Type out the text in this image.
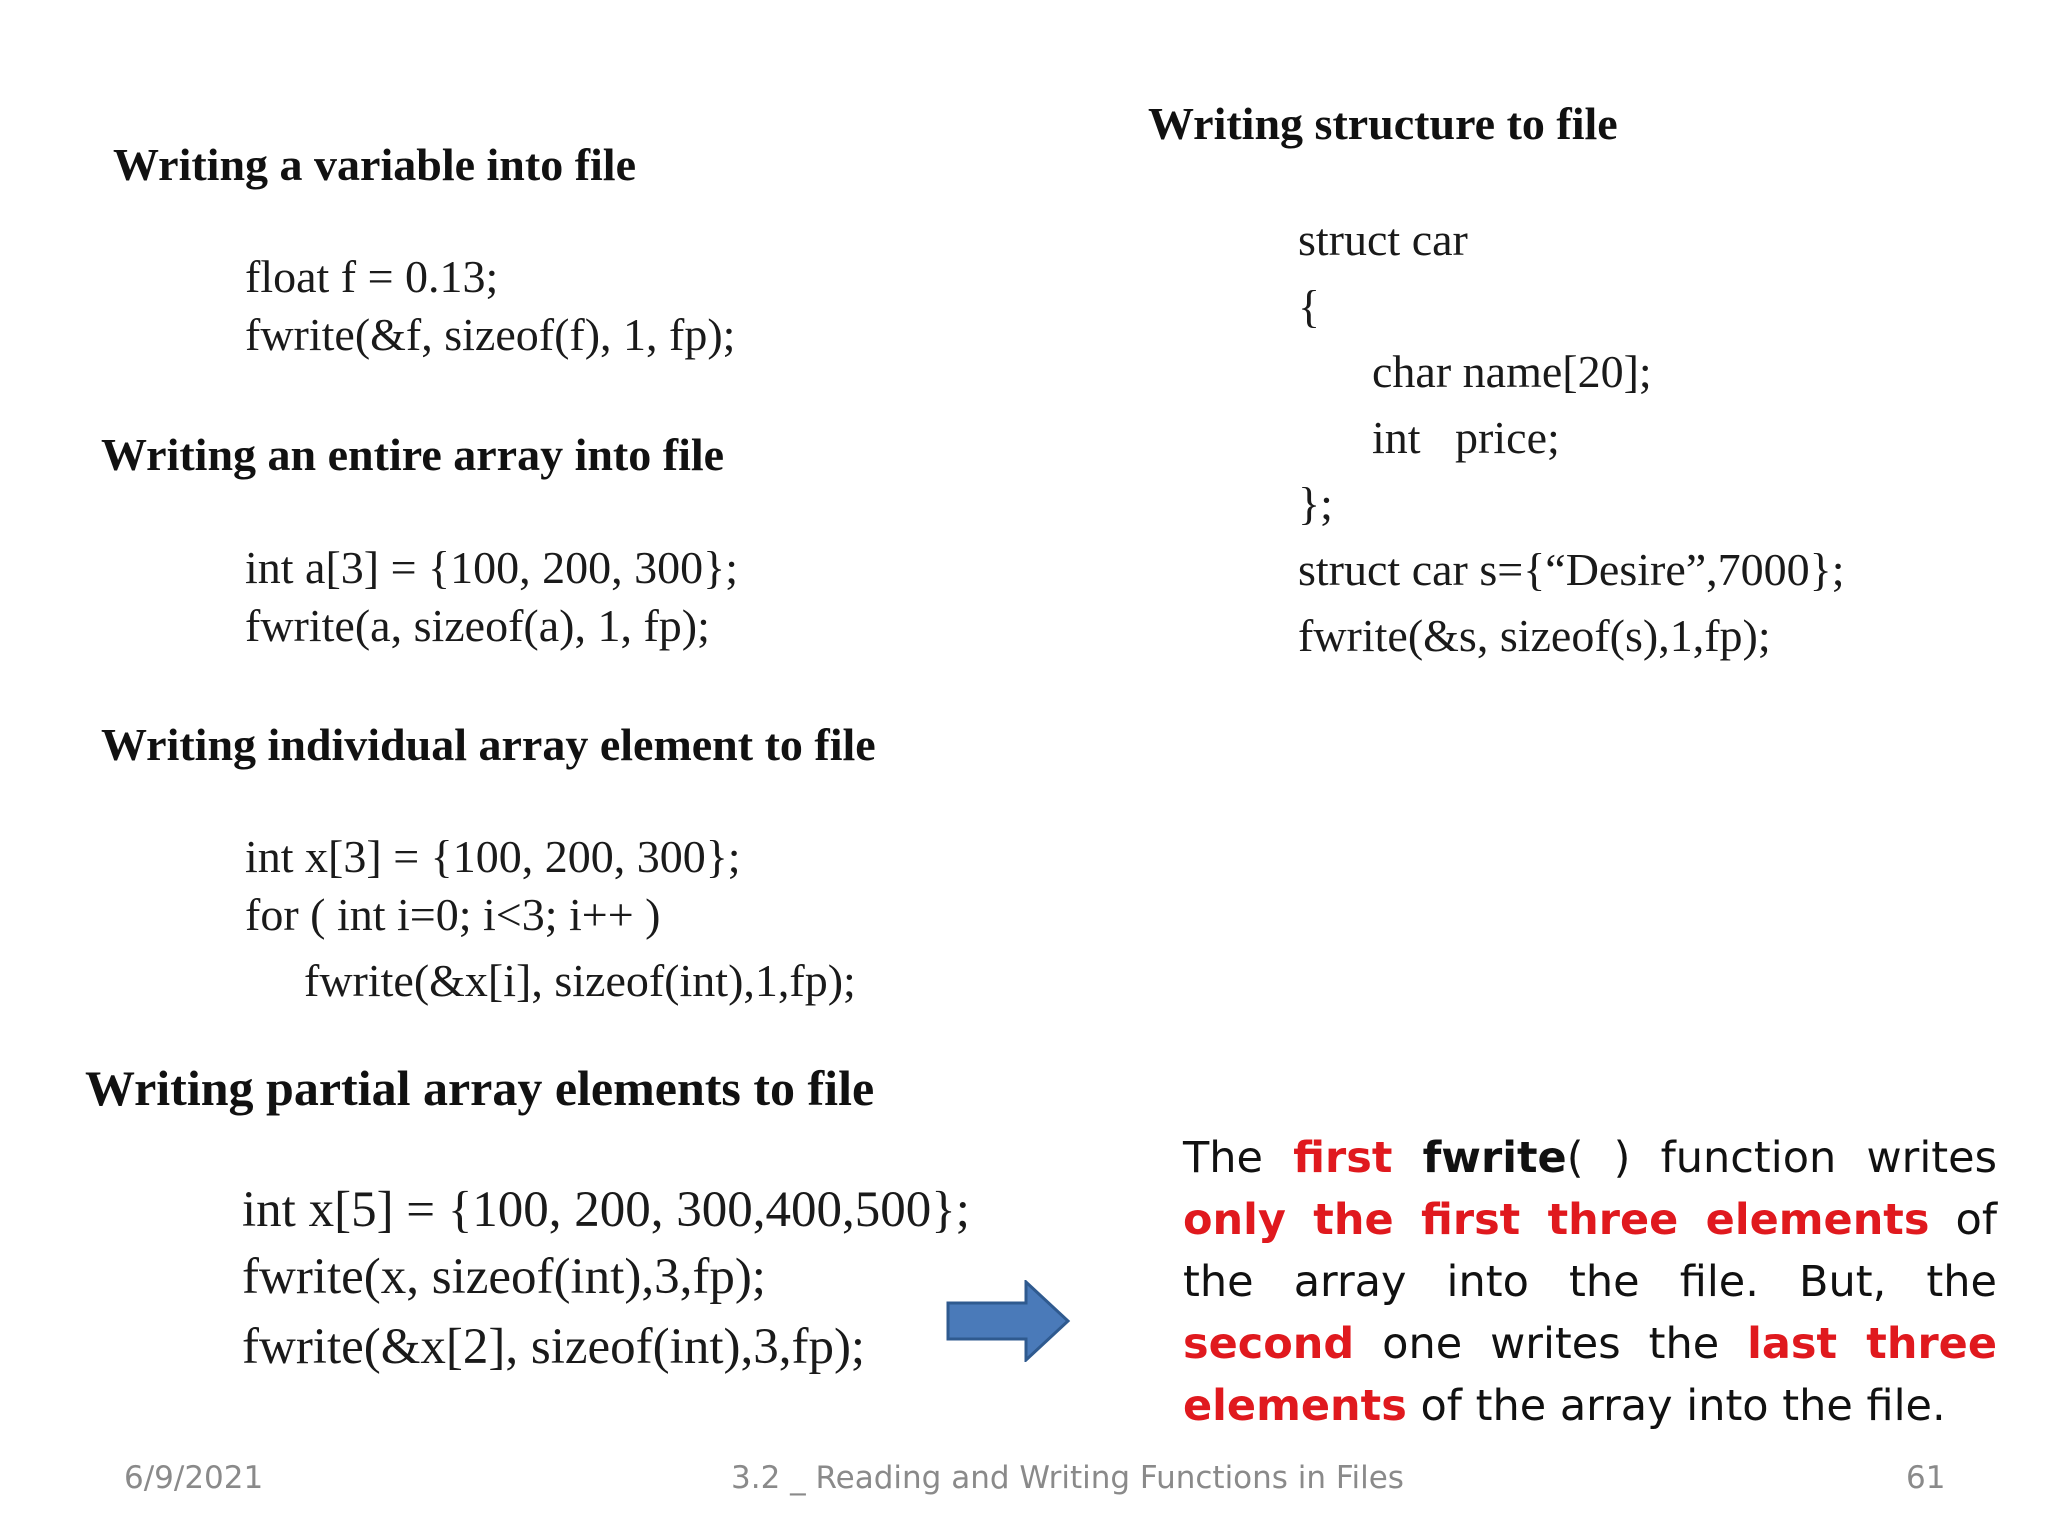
Writing a variable into file
float f = 0.13;
fwrite(&f, sizeof(f), 1, fp);
Writing an entire array into file
int a[3] = {100, 200, 300};
fwrite(a, sizeof(a), 1, fp);
Writing individual array element to file
int x[3] = {100, 200, 300};
for ( int i=0; i<3; i++ )
fwrite(&x[i], sizeof(int),1,fp);
Writing partial array elements to file
int x[5] = {100, 200, 300,400,500};
fwrite(x, sizeof(int),3,fp);
fwrite(&x[2], sizeof(int),3,fp);
Writing structure to file
struct car
{
char name[20];
int   price;
};
struct car s={“Desire”,7000};
fwrite(&s, sizeof(s),1,fp);
The first fwrite( ) function writes only the first three elements of the array into the file. But, the second one writes the last three elements of the array into the file.
6/9/2021	3.2 _ Reading and Writing Functions in Files	61
